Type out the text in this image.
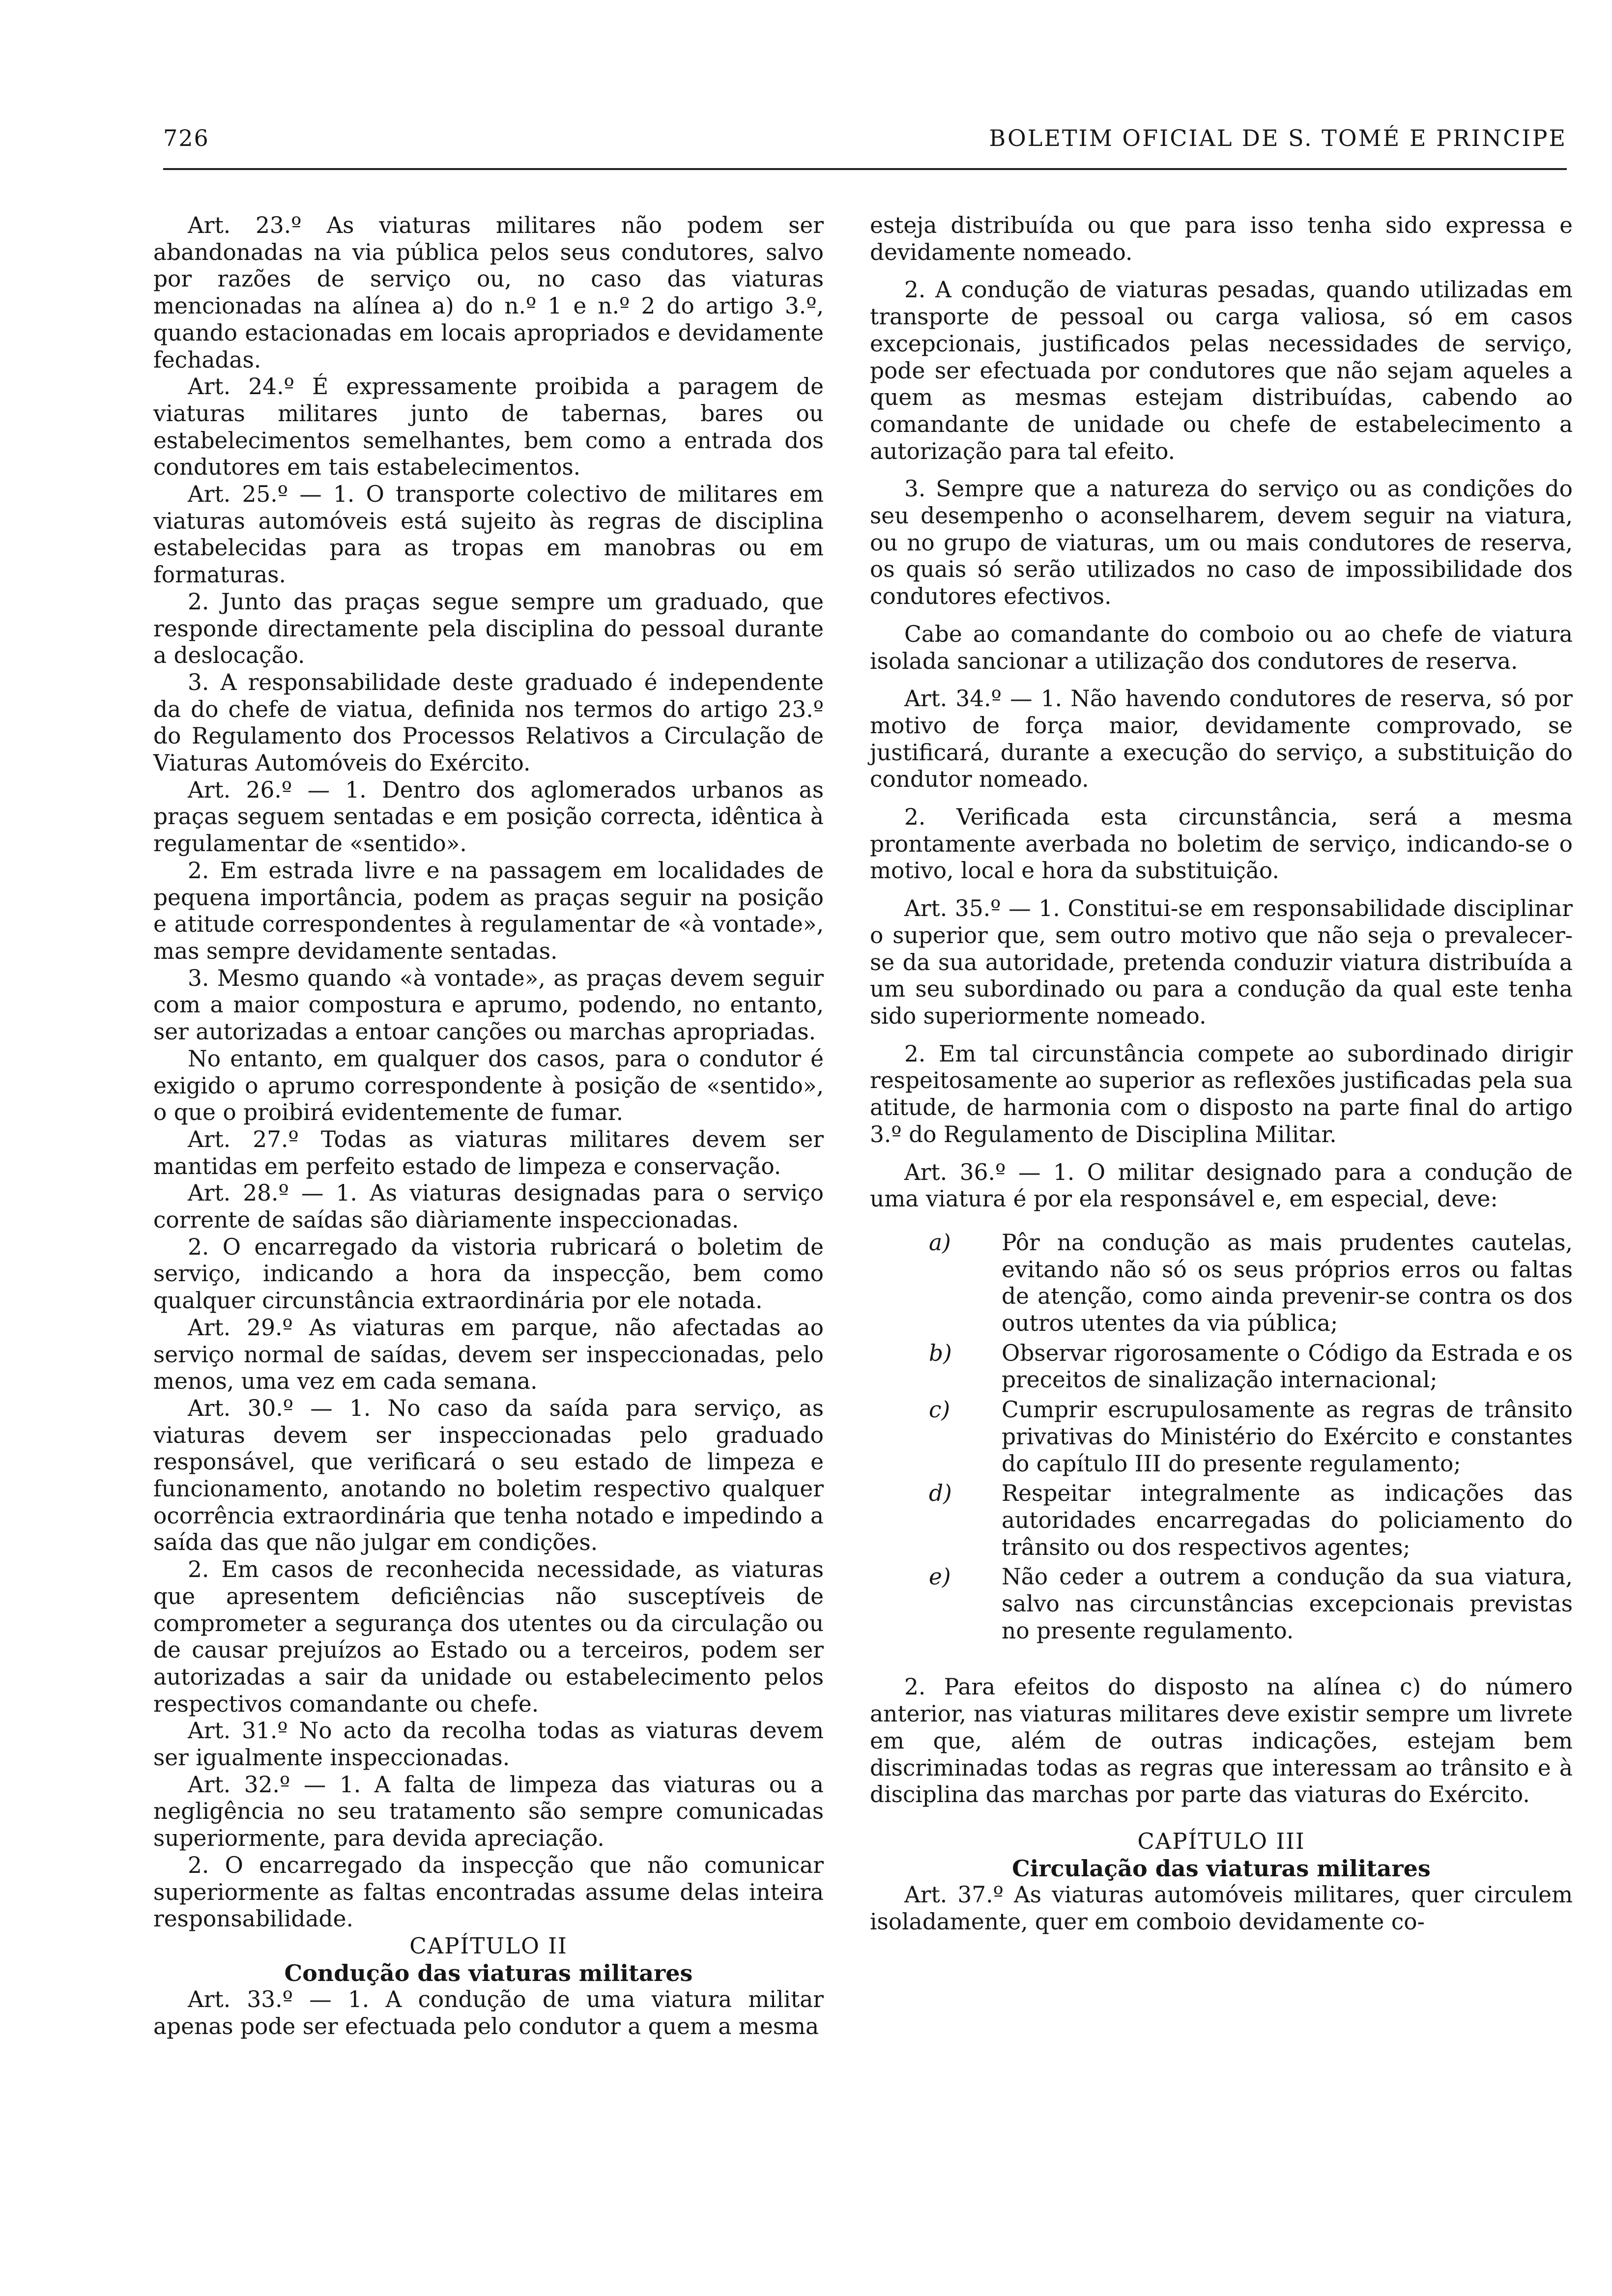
726	BOLETIM OFICIAL DE S. TOMÉ E PRINCIPE

Art. 23.º As viaturas militares não podem ser abandonadas na via pública pelos seus condutores, salvo por razões de serviço ou, no caso das viaturas mencionadas na alínea a) do n.º 1 e n.º 2 do artigo 3.º, quando estacionadas em locais apropriados e devidamente fechadas.

Art. 24.º É expressamente proibida a paragem de viaturas militares junto de tabernas, bares ou estabelecimentos semelhantes, bem como a entrada dos condutores em tais estabelecimentos.

Art. 25.º — 1. O transporte colectivo de militares em viaturas automóveis está sujeito às regras de disciplina estabelecidas para as tropas em manobras ou em formaturas.

2. Junto das praças segue sempre um graduado, que responde directamente pela disciplina do pessoal durante a deslocação.

3. A responsabilidade deste graduado é independente da do chefe de viatua, definida nos termos do artigo 23.º do Regulamento dos Processos Relativos a Circulação de Viaturas Automóveis do Exército.

Art. 26.º — 1. Dentro dos aglomerados urbanos as praças seguem sentadas e em posição correcta, idêntica à regulamentar de «sentido».

2. Em estrada livre e na passagem em localidades de pequena importância, podem as praças seguir na posição e atitude correspondentes à regulamentar de «à vontade», mas sempre devidamente sentadas.

3. Mesmo quando «à vontade», as praças devem seguir com a maior compostura e aprumo, podendo, no entanto, ser autorizadas a entoar canções ou marchas apropriadas.

No entanto, em qualquer dos casos, para o condutor é exigido o aprumo correspondente à posição de «sentido», o que o proibirá evidentemente de fumar.

Art. 27.º Todas as viaturas militares devem ser mantidas em perfeito estado de limpeza e conservação.

Art. 28.º — 1. As viaturas designadas para o serviço corrente de saídas são diàriamente inspeccionadas.

2. O encarregado da vistoria rubricará o boletim de serviço, indicando a hora da inspecção, bem como qualquer circunstância extraordinária por ele notada.

Art. 29.º As viaturas em parque, não afectadas ao serviço normal de saídas, devem ser inspeccionadas, pelo menos, uma vez em cada semana.

Art. 30.º — 1. No caso da saída para serviço, as viaturas devem ser inspeccionadas pelo graduado responsável, que verificará o seu estado de limpeza e funcionamento, anotando no boletim respectivo qualquer ocorrência extraordinária que tenha notado e impedindo a saída das que não julgar em condições.

2. Em casos de reconhecida necessidade, as viaturas que apresentem deficiências não susceptíveis de comprometer a segurança dos utentes ou da circulação ou de causar prejuízos ao Estado ou a terceiros, podem ser autorizadas a sair da unidade ou estabelecimento pelos respectivos comandante ou chefe.

Art. 31.º No acto da recolha todas as viaturas devem ser igualmente inspeccionadas.

Art. 32.º — 1. A falta de limpeza das viaturas ou a negligência no seu tratamento são sempre comunicadas superiormente, para devida apreciação.

2. O encarregado da inspecção que não comunicar superiormente as faltas encontradas assume delas inteira responsabilidade.

CAPÍTULO II

Condução das viaturas militares

Art. 33.º — 1. A condução de uma viatura militar apenas pode ser efectuada pelo condutor a quem a mesma

esteja distribuída ou que para isso tenha sido expressa e devidamente nomeado.

2. A condução de viaturas pesadas, quando utilizadas em transporte de pessoal ou carga valiosa, só em casos excepcionais, justificados pelas necessidades de serviço, pode ser efectuada por condutores que não sejam aqueles a quem as mesmas estejam distribuídas, cabendo ao comandante de unidade ou chefe de estabelecimento a autorização para tal efeito.

3. Sempre que a natureza do serviço ou as condições do seu desempenho o aconselharem, devem seguir na viatura, ou no grupo de viaturas, um ou mais condutores de reserva, os quais só serão utilizados no caso de impossibilidade dos condutores efectivos.

Cabe ao comandante do comboio ou ao chefe de viatura isolada sancionar a utilização dos condutores de reserva.

Art. 34.º — 1. Não havendo condutores de reserva, só por motivo de força maior, devidamente comprovado, se justificará, durante a execução do serviço, a substituição do condutor nomeado.

2. Verificada esta circunstância, será a mesma prontamente averbada no boletim de serviço, indicando-se o motivo, local e hora da substituição.

Art. 35.º — 1. Constitui-se em responsabilidade disciplinar o superior que, sem outro motivo que não seja o prevalecer-se da sua autoridade, pretenda conduzir viatura distribuída a um seu subordinado ou para a condução da qual este tenha sido superiormente nomeado.

2. Em tal circunstância compete ao subordinado dirigir respeitosamente ao superior as reflexões justificadas pela sua atitude, de harmonia com o disposto na parte final do artigo 3.º do Regulamento de Disciplina Militar.

Art. 36.º — 1. O militar designado para a condução de uma viatura é por ela responsável e, em especial, deve:

a) Pôr na condução as mais prudentes cautelas, evitando não só os seus próprios erros ou faltas de atenção, como ainda prevenir-se contra os dos outros utentes da via pública;
b) Observar rigorosamente o Código da Estrada e os preceitos de sinalização internacional;
c) Cumprir escrupulosamente as regras de trânsito privativas do Ministério do Exército e constantes do capítulo III do presente regulamento;
d) Respeitar integralmente as indicações das autoridades encarregadas do policiamento do trânsito ou dos respectivos agentes;
e) Não ceder a outrem a condução da sua viatura, salvo nas circunstâncias excepcionais previstas no presente regulamento.

2. Para efeitos do disposto na alínea c) do número anterior, nas viaturas militares deve existir sempre um livrete em que, além de outras indicações, estejam bem discriminadas todas as regras que interessam ao trânsito e à disciplina das marchas por parte das viaturas do Exército.

CAPÍTULO III

Circulação das viaturas militares

Art. 37.º As viaturas automóveis militares, quer circulem isoladamente, quer em comboio devidamente co-
